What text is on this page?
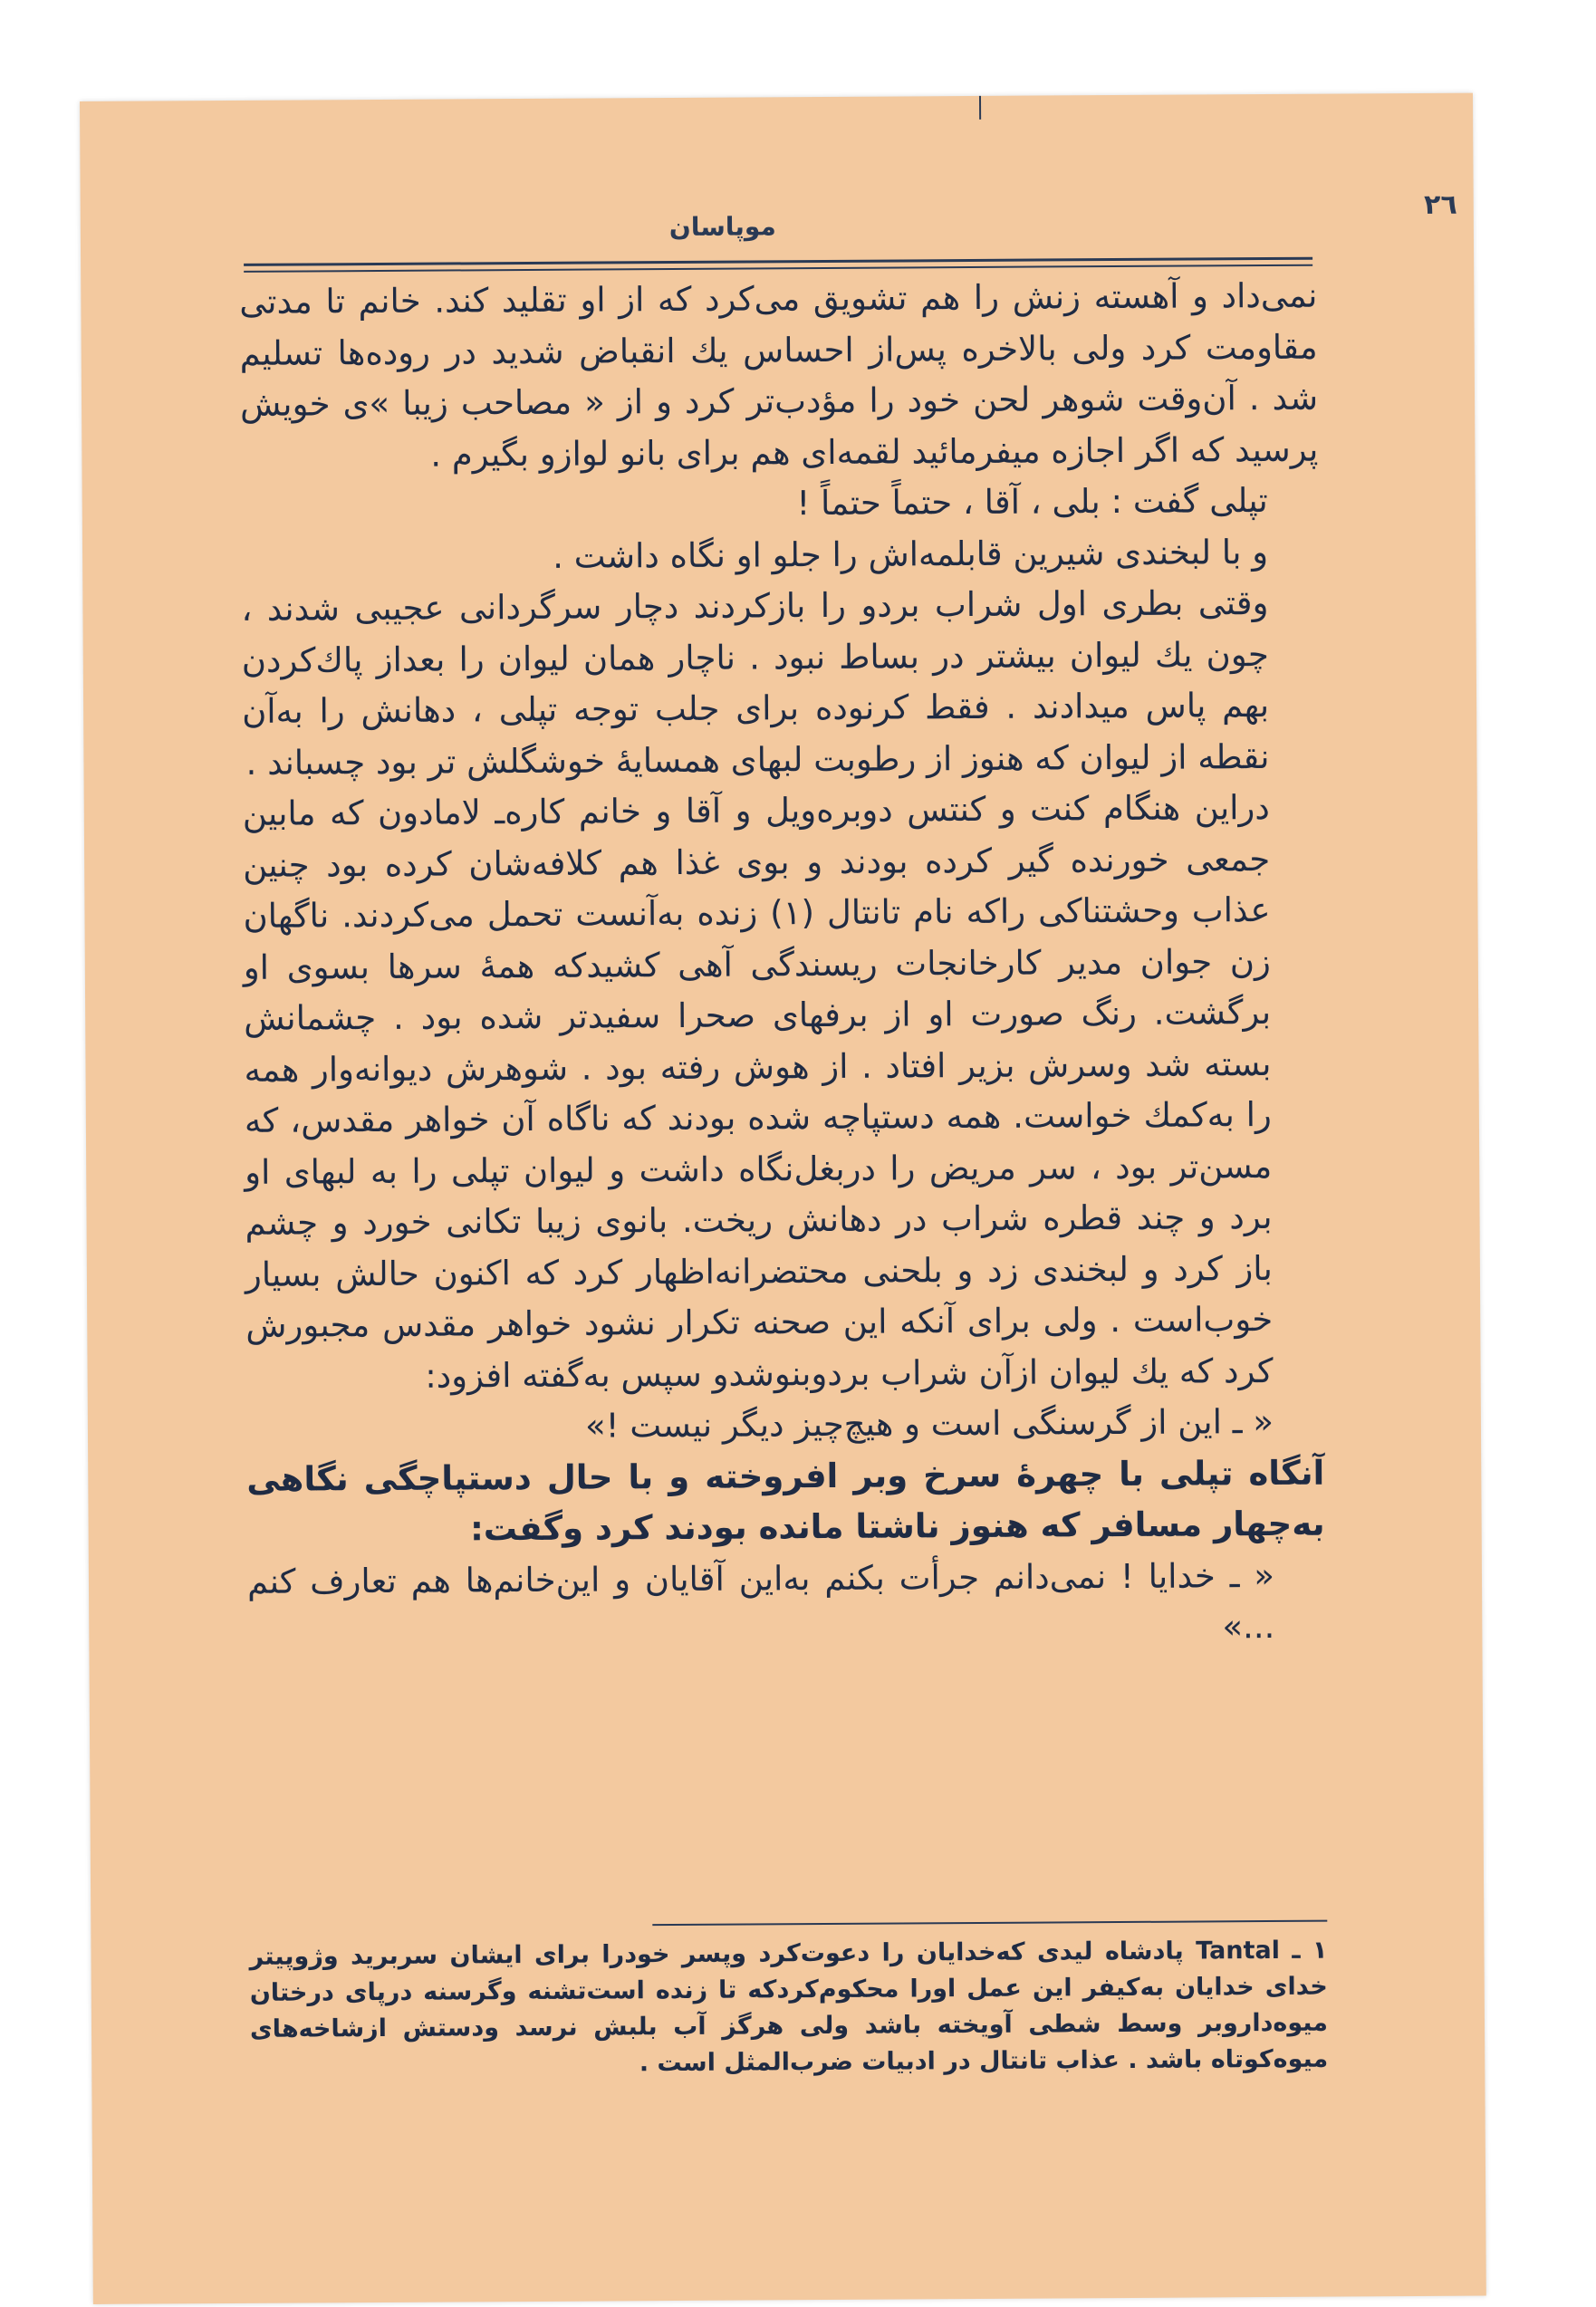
٢٦
موپاسان

نمی‌داد و آهسته زنش را هم تشویق می‌کرد که از او تقلید کند. خانم تا مدتی مقاومت کرد ولی بالاخره پس‌از احساس یك انقباض شدید در روده‌ها تسلیم شد . آن‌وقت شوهر لحن خود را مؤدب‌تر کرد و از « مصاحب زیبا »ی خویش پرسید که اگر اجازه میفرمائید لقمه‌ای هم برای بانو لوازو بگیرم .

تپلی گفت : بلی ، آقا ، حتماً حتماً !

و با لبخندی شیرین قابلمه‌اش را جلو او نگاه داشت .

وقتی بطری اول شراب بردو را بازکردند دچار سرگردانی عجیبی شدند ، چون یك لیوان بیشتر در بساط نبود . ناچار همان لیوان را بعداز پاك‌کردن بهم پاس میدادند . فقط کرنوده برای جلب توجه تپلی ، دهانش را به‌آن نقطه از لیوان که هنوز از رطوبت لبهای همسایهٔ خوشگلش تر بود چسباند .

دراین هنگام کنت و کنتس دوبره‌ویل و آقا و خانم کاره‌ـ لامادون که مابین جمعی خورنده گیر کرده بودند و بوی غذا هم کلافه‌شان کرده بود چنین عذاب وحشتناکی راکه نام تانتال (۱) زنده به‌آنست تحمل می‌کردند. ناگهان زن جوان مدیر کارخانجات ریسندگی آهی کشیدکه همهٔ سرها بسوی او برگشت. رنگ صورت او از برفهای صحرا سفیدتر شده بود . چشمانش بسته شد وسرش بزیر افتاد . از هوش رفته بود . شوهرش دیوانه‌وار همه را به‌کمك خواست. همه دستپاچه شده بودند که ناگاه آن خواهر مقدس، که مسن‌تر بود ، سر مریض را دربغل‌نگاه داشت و لیوان تپلی را به لبهای او برد و چند قطره شراب در دهانش ریخت. بانوی زیبا تکانی خورد و چشم باز کرد و لبخندی زد و بلحنی محتضرانه‌اظهار کرد که اکنون حالش بسیار خوب‌است . ولی برای آنکه این صحنه تکرار نشود خواهر مقدس مجبورش کرد که یك لیوان ازآن شراب بردوبنوشدو سپس به‌گفته افزود:

« ـ این از گرسنگی است و هیچ‌چیز دیگر نیست !»

آنگاه تپلی با چهرهٔ سرخ وبر افروخته و با حال دستپاچگی نگاهی به‌چهار مسافر که هنوز ناشتا مانده بودند کرد وگفت:

« ـ خدایا ! نمی‌دانم جرأت بکنم به‌این آقایان و این‌خانم‌ها هم تعارف کنم ...»

۱ ـ Tantal پادشاه لیدی که‌خدایان را دعوت‌کرد وپسر خودرا برای ایشان سربرید وژوپیتر خدای خدایان به‌کیفر این عمل اورا محکوم‌کردکه تا زنده است‌تشنه وگرسنه درپای درختان میوه‌داروبر وسط شطی آویخته باشد ولی هرگز آب بلبش نرسد ودستش ازشاخه‌های میوه‌کوتاه باشد . عذاب تانتال در ادبیات ضرب‌المثل است .
